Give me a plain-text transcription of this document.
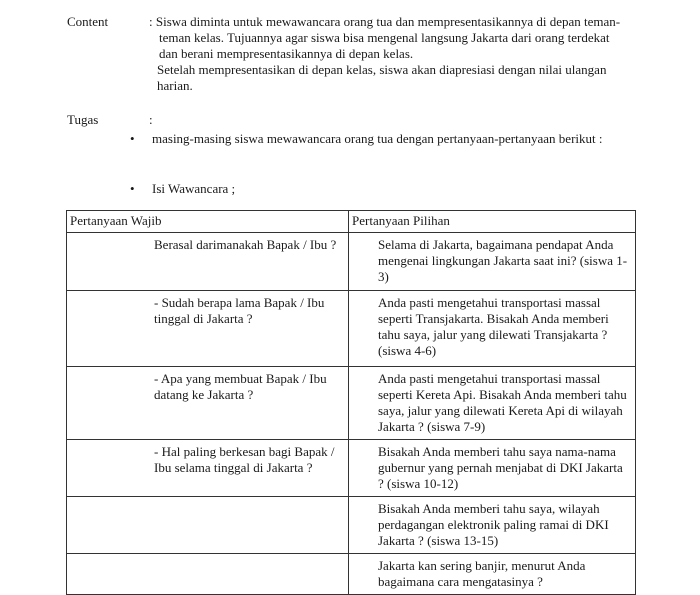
Content	: Siswa diminta untuk mewawancara orang tua dan mempresentasikannya di depan teman-teman kelas. Tujuannya agar siswa bisa mengenal langsung Jakarta dari orang terdekat dan berani mempresentasikannya di depan kelas.

Setelah mempresentasikan di depan kelas, siswa akan diapresiasi dengan nilai ulangan harian.

Tugas	:
• masing-masing siswa mewawancara orang tua dengan pertanyaan-pertanyaan berikut :
• Isi Wawancara ;
Pertanyaan Wajib	Pertanyaan Pilihan
Berasal darimanakah Bapak / Ibu ?	Selama di Jakarta, bagaimana pendapat Anda mengenai lingkungan Jakarta saat ini? (siswa 1-3)
- Sudah berapa lama Bapak / Ibu tinggal di Jakarta ?	Anda pasti mengetahui transportasi massal seperti Transjakarta. Bisakah Anda memberi tahu saya, jalur yang dilewati Transjakarta ? (siswa 4-6)
- Apa yang membuat Bapak / Ibu datang ke Jakarta ?	Anda pasti mengetahui transportasi massal seperti Kereta Api. Bisakah Anda memberi tahu saya, jalur yang dilewati Kereta Api di wilayah Jakarta ? (siswa 7-9)
- Hal paling berkesan bagi Bapak / Ibu selama tinggal di Jakarta ?	Bisakah Anda memberi tahu saya nama-nama gubernur yang pernah menjabat di DKI Jakarta ? (siswa 10-12)
	Bisakah Anda memberi tahu saya, wilayah perdagangan elektronik paling ramai di DKI Jakarta ? (siswa 13-15)
	Jakarta kan sering banjir, menurut Anda bagaimana cara mengatasinya ?
